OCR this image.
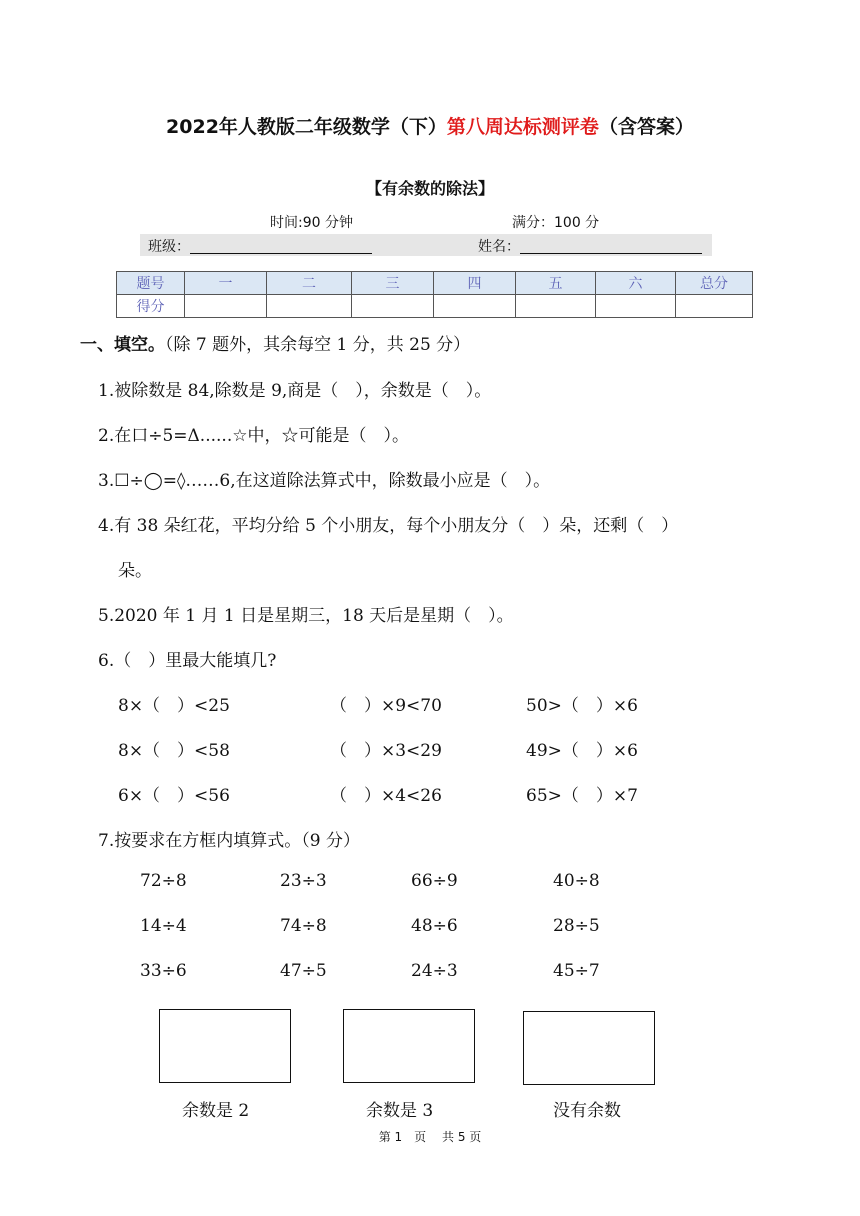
2022年人教版二年级数学（下）第八周达标测评卷（含答案）
【有余数的除法】
时间:90 分钟	满分：100 分
班级：	姓名：
题号	一	二	三	四	五	六	总分
得分							
一、填空。（除 7 题外，其余每空 1 分，共 25 分）
1.被除数是 84,除数是 9,商是（　），余数是（　）。
2.在口÷5=Δ......☆中，☆可能是（　）。
3.☐÷◯=◊……6,在这道除法算式中，除数最小应是（　）。
4.有 38 朵红花，平均分给 5 个小朋友，每个小朋友分（　）朵，还剩（　）
朵。
5.2020 年 1 月 1 日是星期三，18 天后是星期（　）。
6.（　）里最大能填几?
8×（　）<25	（　）×9<70	50>（　）×6
8×（　）<58	（　）×3<29	49>（　）×6
6×（　）<56	（　）×4<26	65>（　）×7
7.按要求在方框内填算式。（9 分）
72÷8	23÷3	66÷9	40÷8
14÷4	74÷8	48÷6	28÷5
33÷6	47÷5	24÷3	45÷7
余数是 2	余数是 3	没有余数
第 1　页 共 5 页
